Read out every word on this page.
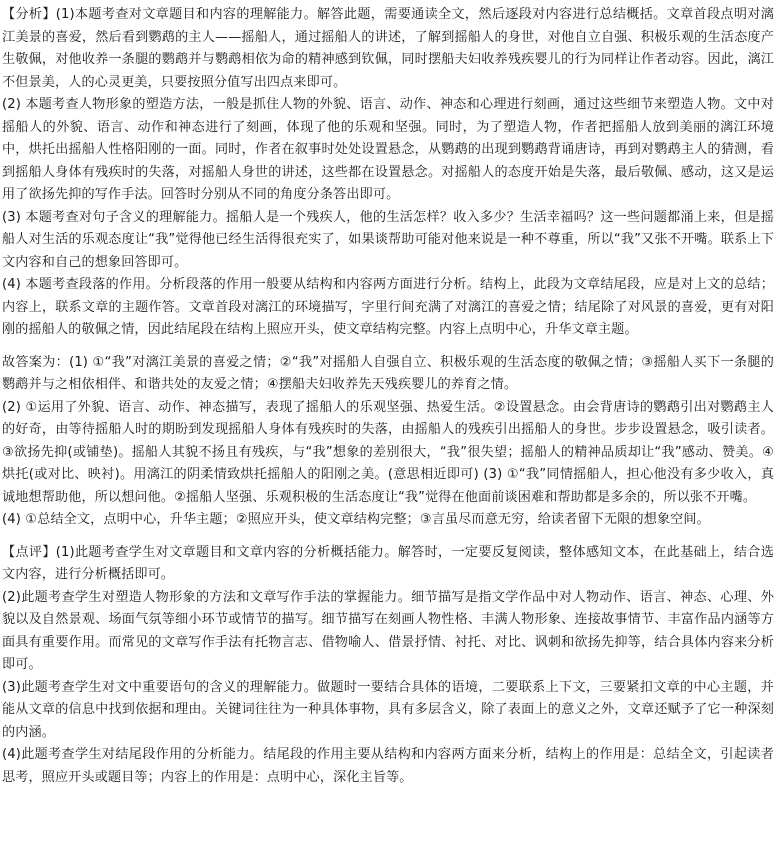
【分析】(1)本题考查对文章题目和内容的理解能力。解答此题，需要通读全文，然后逐段对内容进行总结概括。文章首段点明对漓江美景的喜爱，然后看到鹦鹉的主人——摇船人，通过摇船人的讲述，了解到摇船人的身世，对他自立自强、积极乐观的生活态度产生敬佩，对他收养一条腿的鹦鹉并与鹦鹉相依为命的精神感到钦佩，同时摆船夫妇收养残疾婴儿的行为同样让作者动容。因此，漓江不但景美，人的心灵更美，只要按照分值写出四点来即可。

(2) 本题考查人物形象的塑造方法，一般是抓住人物的外貌、语言、动作、神态和心理进行刻画，通过这些细节来塑造人物。文中对摇船人的外貌、语言、动作和神态进行了刻画，体现了他的乐观和坚强。同时，为了塑造人物，作者把摇船人放到美丽的漓江环境中，烘托出摇船人性格阳刚的一面。同时，作者在叙事时处处设置悬念，从鹦鹉的出现到鹦鹉背诵唐诗，再到对鹦鹉主人的猜测，看到摇船人身体有残疾时的失落，对摇船人身世的讲述，这些都在设置悬念。对摇船人的态度开始是失落，最后敬佩、感动，这又是运用了欲扬先抑的写作手法。回答时分别从不同的角度分条答出即可。

(3) 本题考查对句子含义的理解能力。摇船人是一个残疾人，他的生活怎样？收入多少？生活幸福吗？这一些问题都涌上来，但是摇船人对生活的乐观态度让“我”觉得他已经生活得很充实了，如果谈帮助可能对他来说是一种不尊重，所以“我”又张不开嘴。联系上下文内容和自己的想象回答即可。

(4) 本题考查段落的作用。分析段落的作用一般要从结构和内容两方面进行分析。结构上，此段为文章结尾段，应是对上文的总结；内容上，联系文章的主题作答。文章首段对漓江的环境描写，字里行间充满了对漓江的喜爱之情；结尾除了对风景的喜爱，更有对阳刚的摇船人的敬佩之情，因此结尾段在结构上照应开头，使文章结构完整。内容上点明中心，升华文章主题。

故答案为：(1) ①“我”对漓江美景的喜爱之情；②“我”对摇船人自强自立、积极乐观的生活态度的敬佩之情；③摇船人买下一条腿的鹦鹉并与之相依相伴、和谐共处的友爱之情；④摆船夫妇收养先天残疾婴儿的养育之情。

(2) ①运用了外貌、语言、动作、神态描写，表现了摇船人的乐观坚强、热爱生活。②设置悬念。由会背唐诗的鹦鹉引出对鹦鹉主人的好奇，由等待摇船人时的期盼到发现摇船人身体有残疾时的失落，由摇船人的残疾引出摇船人的身世。步步设置悬念，吸引读者。③欲扬先抑(或铺垫)。摇船人其貌不扬且有残疾，与“我”想象的差别很大，“我”很失望；摇船人的精神品质却让“我”感动、赞美。④烘托(或对比、映衬)。用漓江的阴柔情致烘托摇船人的阳刚之美。(意思相近即可) (3) ①“我”同情摇船人，担心他没有多少收入，真诚地想帮助他，所以想问他。②摇船人坚强、乐观积极的生活态度让“我”觉得在他面前谈困难和帮助都是多余的，所以张不开嘴。

(4) ①总结全文，点明中心，升华主题；②照应开头，使文章结构完整；③言虽尽而意无穷，给读者留下无限的想象空间。

【点评】(1)此题考查学生对文章题目和文章内容的分析概括能力。解答时，一定要反复阅读，整体感知文本，在此基础上，结合选文内容，进行分析概括即可。

(2)此题考查学生对塑造人物形象的方法和文章写作手法的掌握能力。细节描写是指文学作品中对人物动作、语言、神态、心理、外貌以及自然景观、场面气氛等细小环节或情节的描写。细节描写在刻画人物性格、丰满人物形象、连接故事情节、丰富作品内涵等方面具有重要作用。而常见的文章写作手法有托物言志、借物喻人、借景抒情、衬托、对比、讽刺和欲扬先抑等，结合具体内容来分析即可。

(3)此题考查学生对文中重要语句的含义的理解能力。做题时一要结合具体的语境，二要联系上下文，三要紧扣文章的中心主题，并能从文章的信息中找到依据和理由。关键词往往为一种具体事物，具有多层含义，除了表面上的意义之外，文章还赋予了它一种深刻的内涵。

(4)此题考查学生对结尾段作用的分析能力。结尾段的作用主要从结构和内容两方面来分析，结构上的作用是：总结全文，引起读者思考，照应开头或题目等；内容上的作用是：点明中心，深化主旨等。
